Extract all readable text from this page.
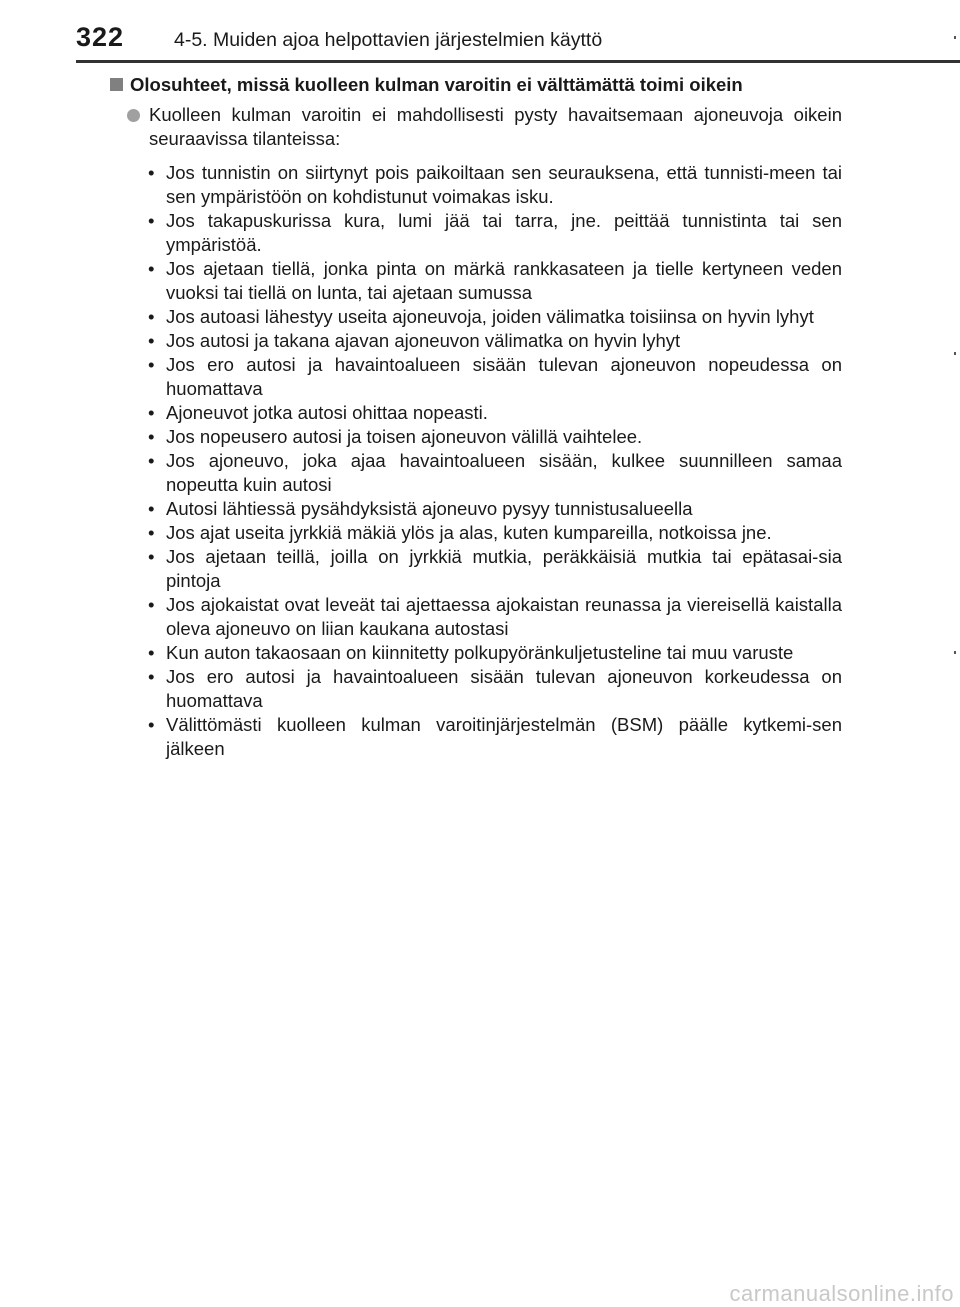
322	4-5. Muiden ajoa helpottavien järjestelmien käyttö
Olosuhteet, missä kuolleen kulman varoitin ei välttämättä toimi oikein
Kuolleen kulman varoitin ei mahdollisesti pysty havaitsemaan ajoneuvoja oikein seuraavissa tilanteissa:
• Jos tunnistin on siirtynyt pois paikoiltaan sen seurauksena, että tunnisti-meen tai sen ympäristöön on kohdistunut voimakas isku.
• Jos takapuskurissa kura, lumi jää tai tarra, jne. peittää tunnistinta tai sen ympäristöä.
• Jos ajetaan tiellä, jonka pinta on märkä rankkasateen ja tielle kertyneen veden vuoksi tai tiellä on lunta, tai ajetaan sumussa
• Jos autoasi lähestyy useita ajoneuvoja, joiden välimatka toisiinsa on hyvin lyhyt
• Jos autosi ja takana ajavan ajoneuvon välimatka on hyvin lyhyt
• Jos ero autosi ja havaintoalueen sisään tulevan ajoneuvon nopeudessa on huomattava
• Ajoneuvot jotka autosi ohittaa nopeasti.
• Jos nopeusero autosi ja toisen ajoneuvon välillä vaihtelee.
• Jos ajoneuvo, joka ajaa havaintoalueen sisään, kulkee suunnilleen samaa nopeutta kuin autosi
• Autosi lähtiessä pysähdyksistä ajoneuvo pysyy tunnistusalueella
• Jos ajat useita jyrkkiä mäkiä ylös ja alas, kuten kumpareilla, notkoissa jne.
• Jos ajetaan teillä, joilla on jyrkkiä mutkia, peräkkäisiä mutkia tai epätasai-sia pintoja
• Jos ajokaistat ovat leveät tai ajettaessa ajokaistan reunassa ja viereisellä kaistalla oleva ajoneuvo on liian kaukana autostasi
• Kun auton takaosaan on kiinnitetty polkupyöränkuljetusteline tai muu varuste
• Jos ero autosi ja havaintoalueen sisään tulevan ajoneuvon korkeudessa on huomattava
• Välittömästi kuolleen kulman varoitinjärjestelmän (BSM) päälle kytkemi-sen jälkeen
carmanualsonline.info
